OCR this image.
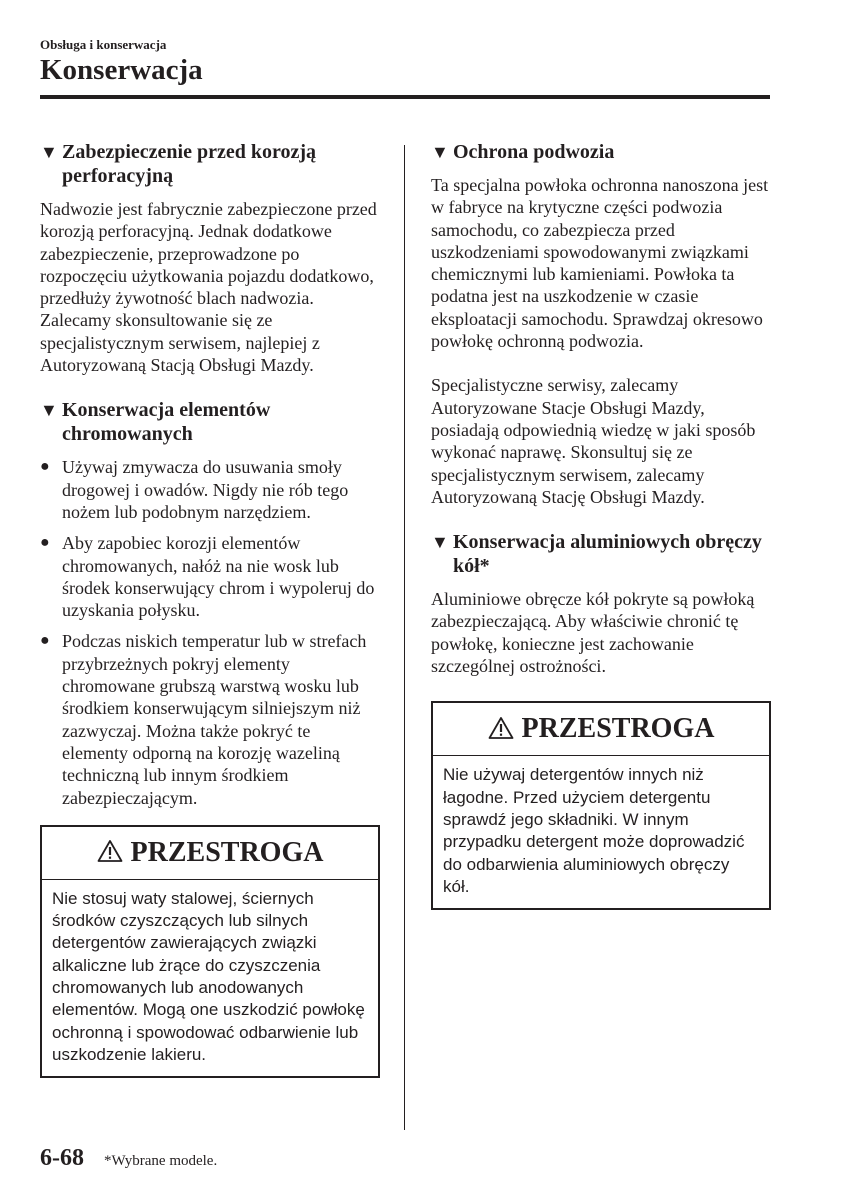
Obsługa i konserwacja
Konserwacja
▼ Zabezpieczenie przed korozją perforacyjną

Nadwozie jest fabrycznie zabezpieczone przed korozją perforacyjną. Jednak dodatkowe zabezpieczenie, przeprowadzone po rozpoczęciu użytkowania pojazdu dodatkowo, przedłuży żywotność blach nadwozia. Zalecamy skonsultowanie się ze specjalistycznym serwisem, najlepiej z Autoryzowaną Stacją Obsługi Mazdy.

▼ Konserwacja elementów chromowanych
● Używaj zmywacza do usuwania smoły drogowej i owadów. Nigdy nie rób tego nożem lub podobnym narzędziem.
● Aby zapobiec korozji elementów chromowanych, nałóż na nie wosk lub środek konserwujący chrom i wypoleruj do uzyskania połysku.
● Podczas niskich temperatur lub w strefach przybrzeżnych pokryj elementy chromowane grubszą warstwą wosku lub środkiem konserwującym silniejszym niż zazwyczaj. Można także pokryć te elementy odporną na korozję wazeliną techniczną lub innym środkiem zabezpieczającym.
PRZESTROGA

Nie stosuj waty stalowej, ściernych środków czyszczących lub silnych detergentów zawierających związki alkaliczne lub żrące do czyszczenia chromowanych lub anodowanych elementów. Mogą one uszkodzić powłokę ochronną i spowodować odbarwienie lub uszkodzenie lakieru.

▼ Ochrona podwozia

Ta specjalna powłoka ochronna nanoszona jest w fabryce na krytyczne części podwozia samochodu, co zabezpiecza przed uszkodzeniami spowodowanymi związkami chemicznymi lub kamieniami. Powłoka ta podatna jest na uszkodzenie w czasie eksploatacji samochodu. Sprawdzaj okresowo powłokę ochronną podwozia.

Specjalistyczne serwisy, zalecamy Autoryzowane Stacje Obsługi Mazdy, posiadają odpowiednią wiedzę w jaki sposób wykonać naprawę. Skonsultuj się ze specjalistycznym serwisem, zalecamy Autoryzowaną Stację Obsługi Mazdy.

▼ Konserwacja aluminiowych obręczy kół*

Aluminiowe obręcze kół pokryte są powłoką zabezpieczającą. Aby właściwie chronić tę powłokę, konieczne jest zachowanie szczególnej ostrożności.

PRZESTROGA

Nie używaj detergentów innych niż łagodne. Przed użyciem detergentu sprawdź jego składniki. W innym przypadku detergent może doprowadzić do odbarwienia aluminiowych obręczy kół.

6-68 *Wybrane modele.
